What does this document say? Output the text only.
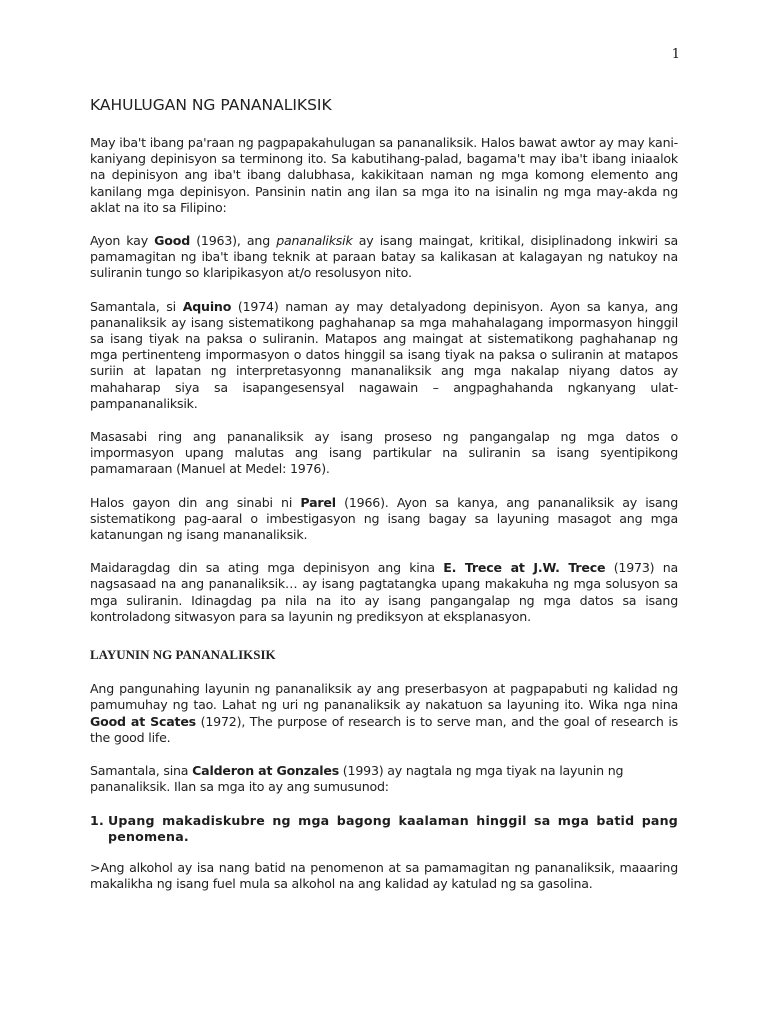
1
KAHULUGAN NG PANANALIKSIK

May iba't ibang pa'raan ng pagpapakahulugan sa pananaliksik. Halos bawat awtor ay may kani-kaniyang depinisyon sa terminong ito. Sa kabutihang-palad, bagama't may iba't ibang iniaalok na depinisyon ang iba't ibang dalubhasa, kakikitaan naman ng mga komong elemento ang kanilang mga depinisyon. Pansinin natin ang ilan sa mga ito na isinalin ng mga may-akda ng aklat na ito sa Filipino:

Ayon kay Good (1963), ang pananaliksik ay isang maingat, kritikal, disiplinadong inkwiri sa pamamagitan ng iba't ibang teknik at paraan batay sa kalikasan at kalagayan ng natukoy na suliranin tungo so klaripikasyon at/o resolusyon nito.

Samantala, si Aquino (1974) naman ay may detalyadong depinisyon. Ayon sa kanya, ang pananaliksik ay isang sistematikong paghahanap sa mga mahahalagang impormasyon hinggil sa isang tiyak na paksa o suliranin. Matapos ang maingat at sistematikong paghahanap ng mga pertinenteng impormasyon o datos hinggil sa isang tiyak na paksa o suliranin at matapos suriin at lapatan ng interpretasyonng mananaliksik ang mga nakalap niyang datos ay mahaharap siya sa isapangesensyal nagawain – angpaghahanda ngkanyang ulat-pampananaliksik.

Masasabi ring ang pananaliksik ay isang proseso ng pangangalap ng mga datos o impormasyon upang malutas ang isang partikular na suliranin sa isang syentipikong pamamaraan (Manuel at Medel: 1976).

Halos gayon din ang sinabi ni Parel (1966). Ayon sa kanya, ang pananaliksik ay isang sistematikong pag-aaral o imbestigasyon ng isang bagay sa layuning masagot ang mga katanungan ng isang mananaliksik.

Maidaragdag din sa ating mga depinisyon ang kina E. Trece at J.W. Trece (1973) na nagsasaad na ang pananaliksik… ay isang pagtatangka upang makakuha ng mga solusyon sa mga suliranin. Idinagdag pa nila na ito ay isang pangangalap ng mga datos sa isang kontroladong sitwasyon para sa layunin ng prediksyon at eksplanasyon.

LAYUNIN NG PANANALIKSIK

Ang pangunahing layunin ng pananaliksik ay ang preserbasyon at pagpapabuti ng kalidad ng pamumuhay ng tao. Lahat ng uri ng pananaliksik ay nakatuon sa layuning ito. Wika nga nina Good at Scates (1972), The purpose of research is to serve man, and the goal of research is the good life.

Samantala, sina Calderon at Gonzales (1993) ay nagtala ng mga tiyak na layunin ng pananaliksik. Ilan sa mga ito ay ang sumusunod:

1. Upang makadiskubre ng mga bagong kaalaman hinggil sa mga batid pang penomena.

>Ang alkohol ay isa nang batid na penomenon at sa pamamagitan ng pananaliksik, maaaring makalikha ng isang fuel mula sa alkohol na ang kalidad ay katulad ng sa gasolina.
